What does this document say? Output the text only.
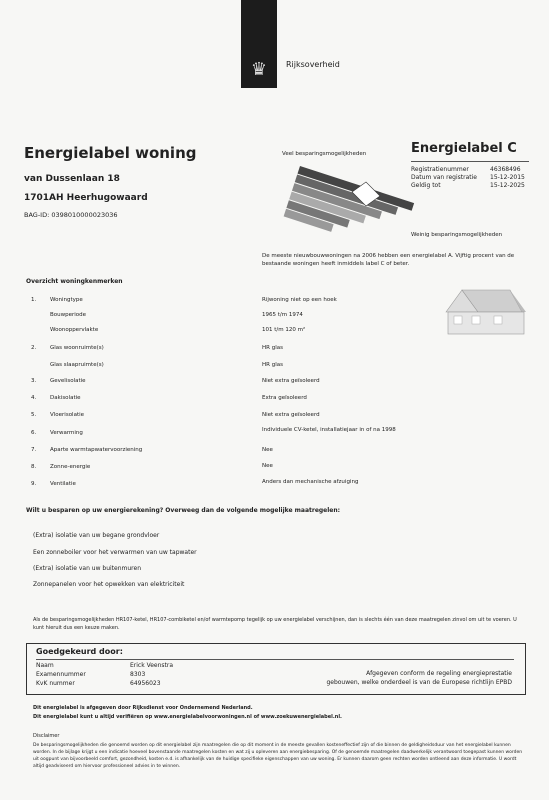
♛	Rijksoverheid
Energielabel woning
van Dussenlaan 18
1701AH Heerhugowaard
BAG-ID: 0398010000023036
Veel besparingsmogelijkheden
Weinig besparingsmogelijkheden
Energielabel C
Registratienummer	46368496
Datum van registratie 15-12-2015
Geldig tot	15-12-2025
De meeste nieuwbouwwoningen na 2006 hebben een energielabel A. Vijftig procent van de bestaande woningen heeft inmiddels label C of beter.
Overzicht woningkenmerken
1.	Woningtype	Rijwoning niet op een hoek
Bouwperiode	1965 t/m 1974
Woonoppervlakte	101 t/m 120 m²
2.	Glas woonruimte(s)	HR glas
Glas slaapruimte(s)	HR glas
3.	Gevelisolatie	Niet extra geïsoleerd
4.	Dakisolatie	Extra geïsoleerd
5.	Vloerisolatie	Niet extra geïsoleerd
6.	Verwarming	Individuele CV-ketel, installatiejaar in of na 1998
7.	Aparte warmtapwatervoorziening	Nee
8.	Zonne-energie	Nee
9.	Ventilatie	Anders dan mechanische afzuiging
Wilt u besparen op uw energierekening? Overweeg dan de volgende mogelijke maatregelen:
(Extra) isolatie van uw begane grondvloer
Een zonneboiler voor het verwarmen van uw tapwater
(Extra) isolatie van uw buitenmuren
Zonnepanelen voor het opwekken van elektriciteit
Als de besparingsmogelijkheden HR107-ketel, HR107-combiketel en/of warmtepomp tegelijk op uw energielabel verschijnen, dan is slechts één van deze maatregelen zinvol om uit te voeren. U kunt hieruit dus een keuze maken.
Goedgekeurd door:
Naam	Erick Veenstra
Examennummer	8303
KvK nummer	64956023
Afgegeven conform de regeling energieprestatie
gebouwen, welke onderdeel is van de Europese richtlijn EPBD
Dit energielabel is afgegeven door Rijksdienst voor Ondernemend Nederland.
Dit energielabel kunt u altijd verifiëren op www.energielabelvoorwoningen.nl of www.zoekuwenergielabel.nl.
Disclaimer
De besparingsmogelijkheden die genoemd worden op dit energielabel zijn maatregelen die op dit moment in de meeste gevallen kosteneffectief zijn of die binnen de geldigheidsduur van het energielabel kunnen worden. In de bijlage krijgt u een indicatie hoeveel bovenstaande maatregelen kosten en wat zij u opleveren aan energiebesparing. Of de genoemde maatregelen daadwerkelijk verantwoord toegepast kunnen worden uit oogpunt van bijvoorbeeld comfort, gezondheid, kosten e.d. is afhankelijk van de huidige specifieke eigenschappen van uw woning. Er kunnen daarom geen rechten worden ontleend aan deze informatie. U wordt altijd geadviseerd om hiervoor professioneel advies in te winnen.
